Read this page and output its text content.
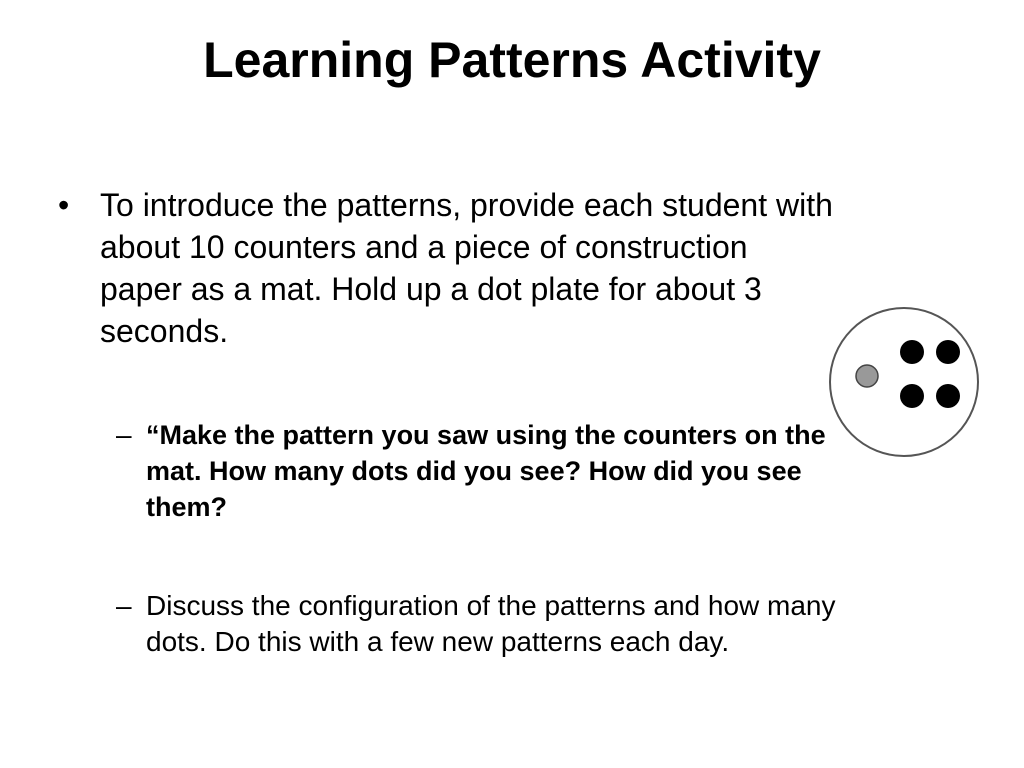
Learning Patterns Activity
• To introduce the patterns, provide each student with about 10 counters and a piece of construction paper as a mat. Hold up a dot plate for about 3 seconds.
– “Make the pattern you saw using the counters on the mat. How many dots did you see? How did you see them?
– Discuss the configuration of the patterns and how many dots. Do this with a few new patterns each day.
